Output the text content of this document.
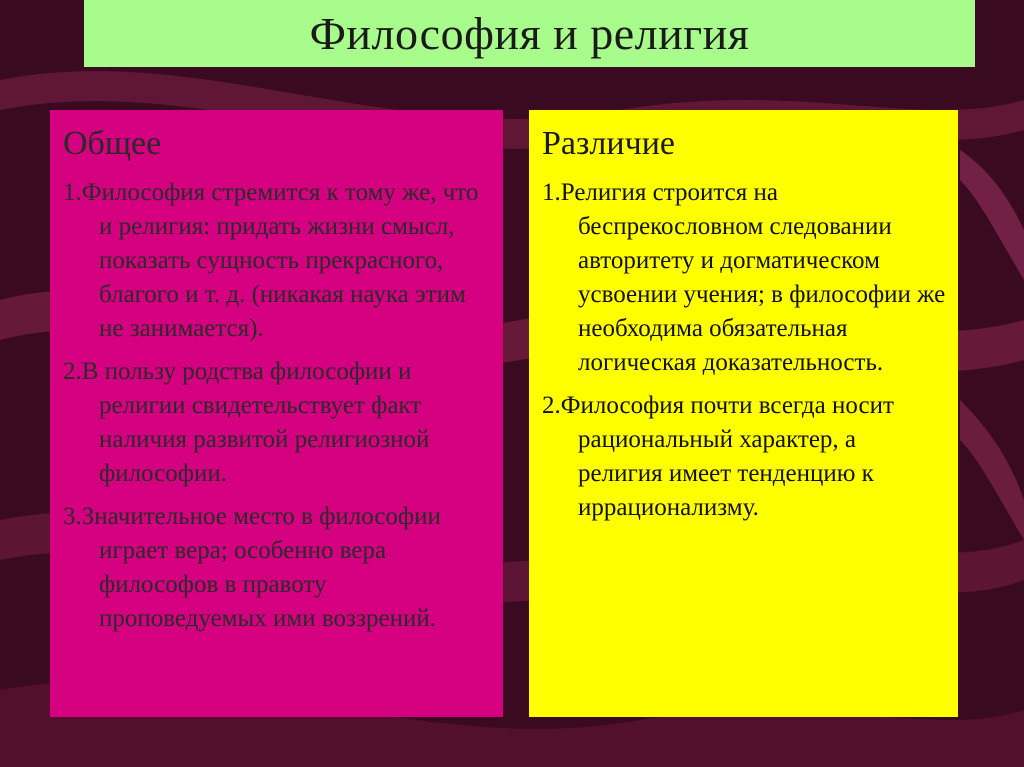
Философия и религия
Общее

1.Философия стремится к тому же, что и религия: придать жизни смысл, показать сущность прекрасного, благого и т. д. (никакая наука этим не занимается).

2.В пользу родства философии и религии свидетельствует факт наличия развитой религиозной философии.

3.Значительное место в философии играет вера; особенно вера философов в правоту проповедуемых ими воззрений.

Различие

1.Религия строится на беспрекословном следовании авторитету и догматическом усвоении учения; в философии же необходима обязательная логическая доказательность.

2.Философия почти всегда носит рациональный характер, а религия имеет тенденцию к иррационализму.
